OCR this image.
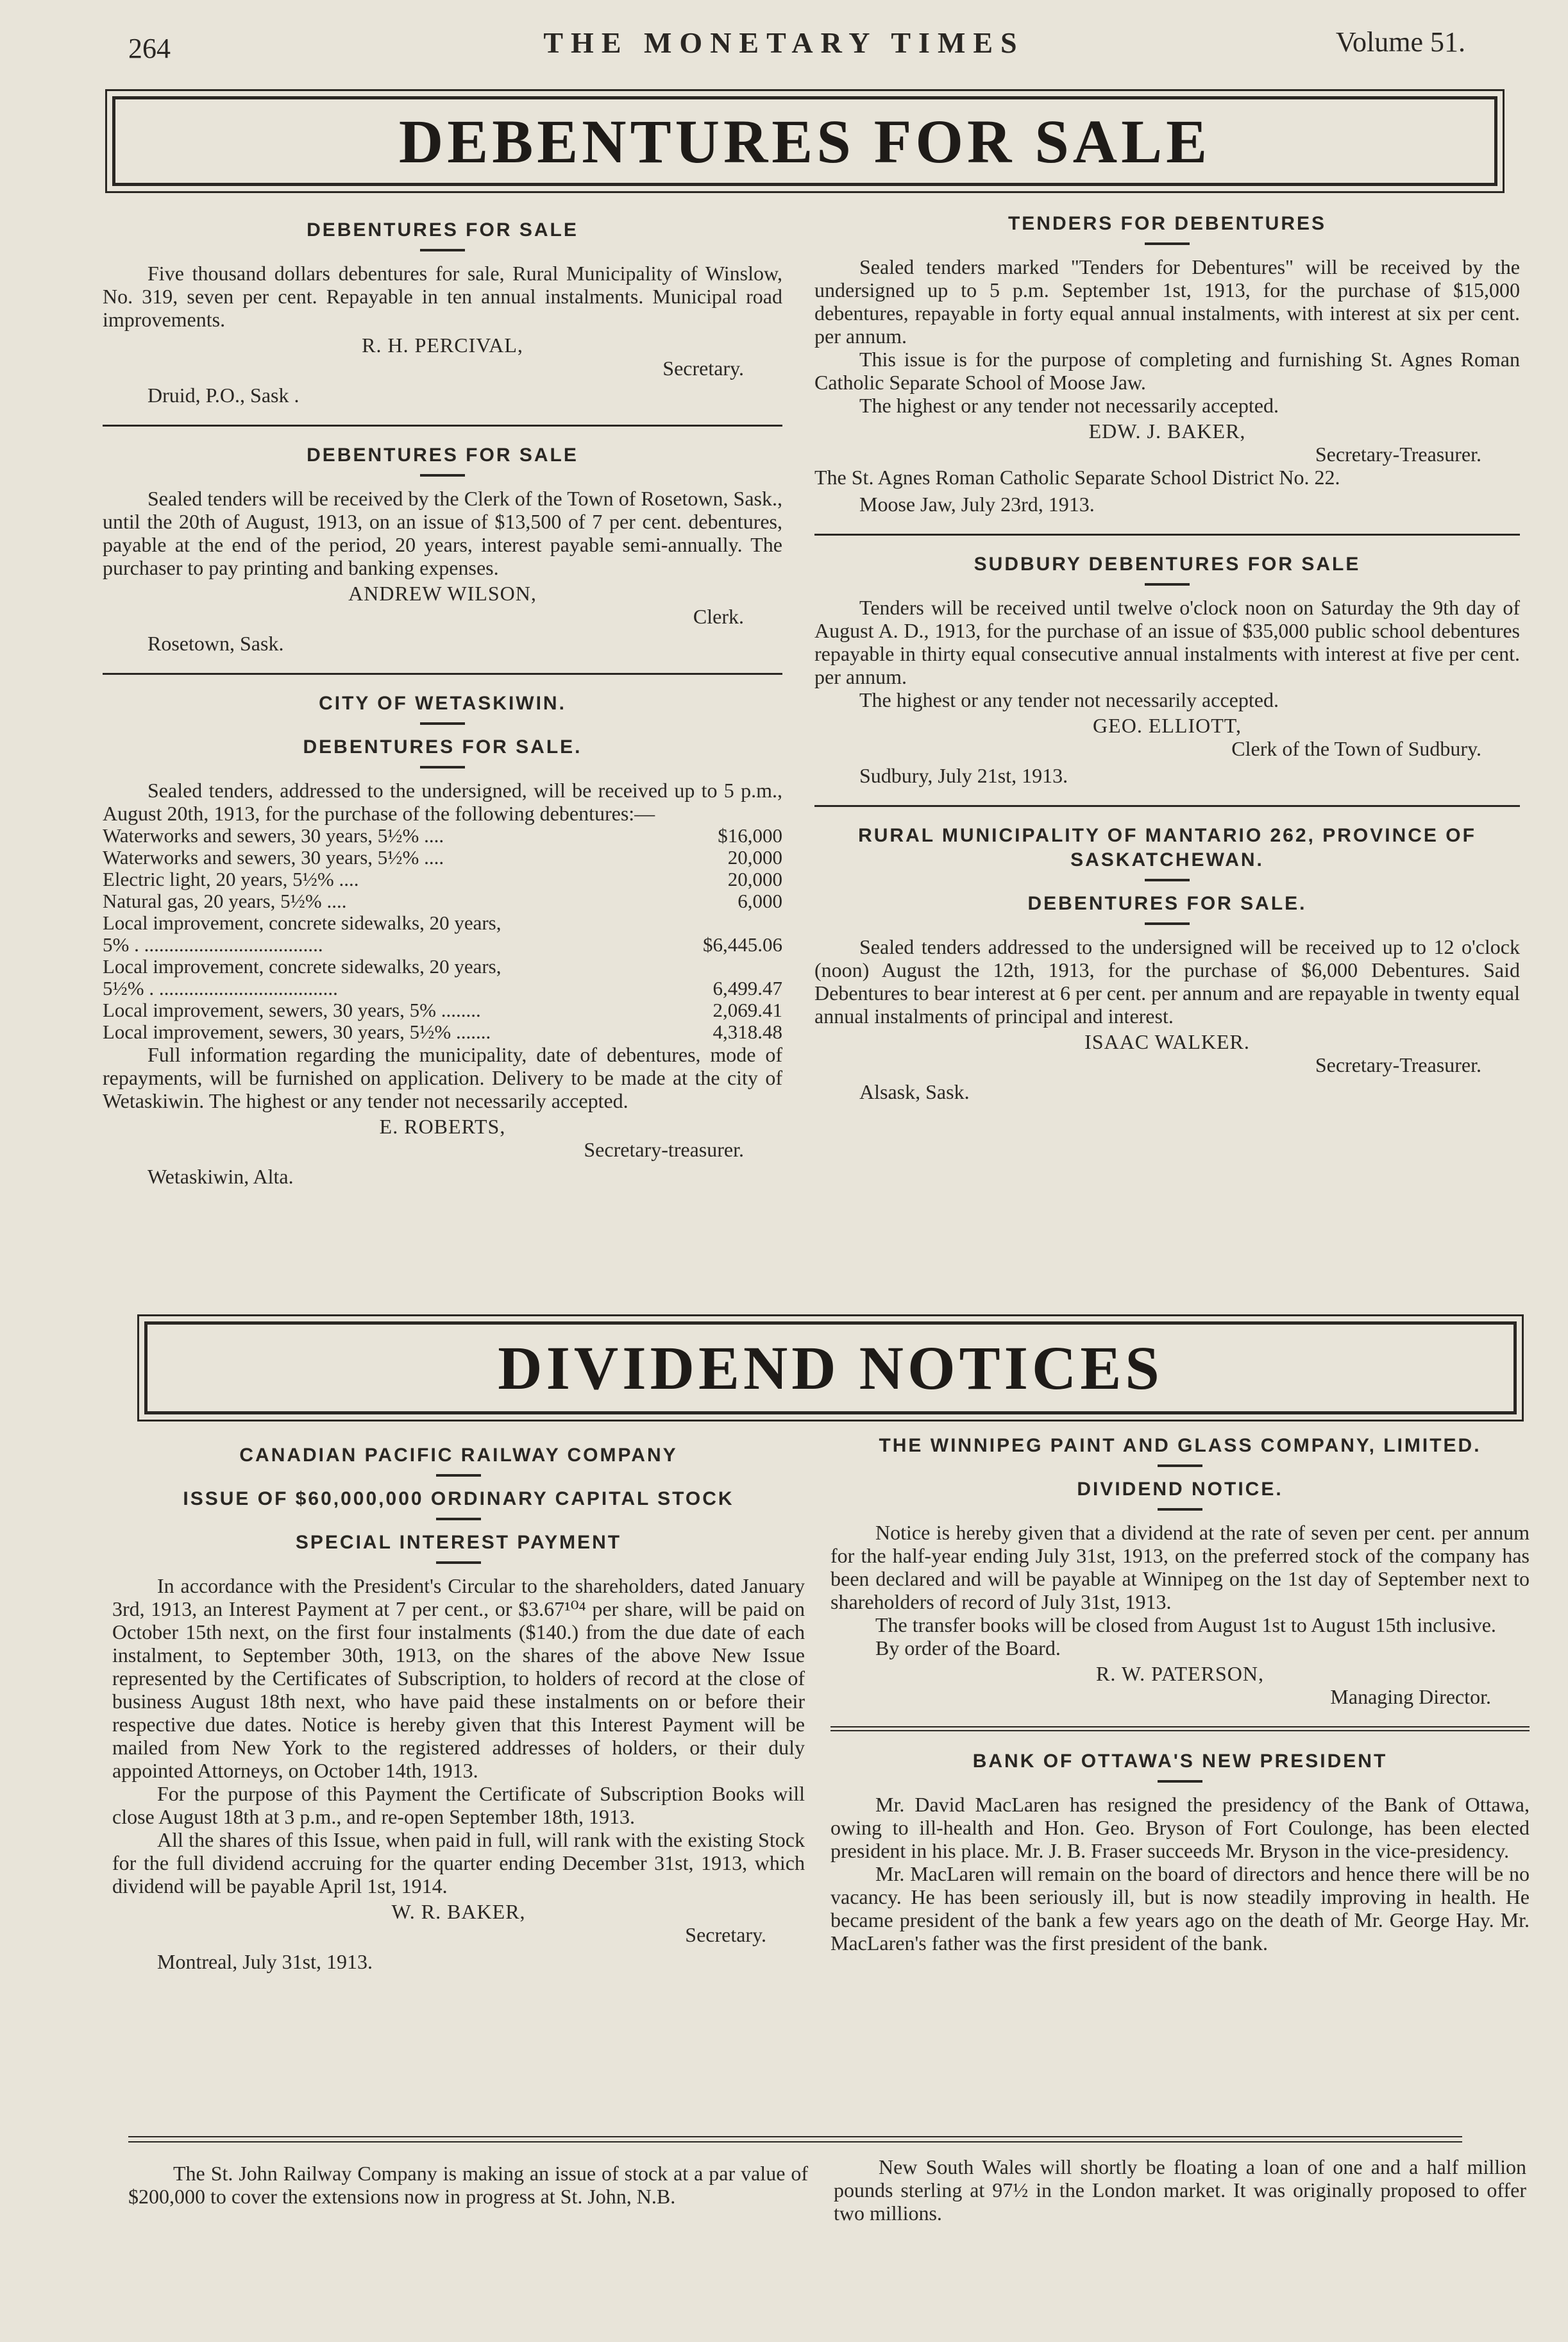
264	THE MONETARY TIMES	Volume 51.
DEBENTURES FOR SALE
DEBENTURES FOR SALE

Five thousand dollars debentures for sale, Rural Municipality of Winslow, No. 319, seven per cent. Repayable in ten annual instalments. Municipal road improvements.

R. H. PERCIVAL,
Secretary.
Druid, P.O., Sask .
DEBENTURES FOR SALE

Sealed tenders will be received by the Clerk of the Town of Rosetown, Sask., until the 20th of August, 1913, on an issue of $13,500 of 7 per cent. debentures, payable at the end of the period, 20 years, interest payable semi-annually. The purchaser to pay printing and banking expenses.

ANDREW WILSON,
Clerk.
Rosetown, Sask.
CITY OF WETASKIWIN.
DEBENTURES FOR SALE.

Sealed tenders, addressed to the undersigned, will be received up to 5 p.m., August 20th, 1913, for the purchase of the following debentures:—

Waterworks and sewers, 30 years, 5½% ....	$16,000
Waterworks and sewers, 30 years, 5½% ....	20,000
Electric light, 20 years, 5½% ....	20,000
Natural gas, 20 years, 5½% ....	6,000
Local improvement, concrete sidewalks, 20 years,	
5% . ....................................	$6,445.06
Local improvement, concrete sidewalks, 20 years,	
5½% . ....................................	6,499.47
Local improvement, sewers, 30 years, 5% ........	2,069.41
Local improvement, sewers, 30 years, 5½% .......	4,318.48

Full information regarding the municipality, date of debentures, mode of repayments, will be furnished on application. Delivery to be made at the city of Wetaskiwin. The highest or any tender not necessarily accepted.

E. ROBERTS,
Secretary-treasurer.
Wetaskiwin, Alta.
TENDERS FOR DEBENTURES

Sealed tenders marked "Tenders for Debentures" will be received by the undersigned up to 5 p.m. September 1st, 1913, for the purchase of $15,000 debentures, repayable in forty equal annual instalments, with interest at six per cent. per annum.

This issue is for the purpose of completing and furnishing St. Agnes Roman Catholic Separate School of Moose Jaw.

The highest or any tender not necessarily accepted.

EDW. J. BAKER,
Secretary-Treasurer.

The St. Agnes Roman Catholic Separate School District No. 22.

Moose Jaw, July 23rd, 1913.
SUDBURY DEBENTURES FOR SALE

Tenders will be received until twelve o'clock noon on Saturday the 9th day of August A. D., 1913, for the purchase of an issue of $35,000 public school debentures repayable in thirty equal consecutive annual instalments with interest at five per cent. per annum.

The highest or any tender not necessarily accepted.

GEO. ELLIOTT,
Clerk of the Town of Sudbury.
Sudbury, July 21st, 1913.
RURAL MUNICIPALITY OF MANTARIO 262, PROVINCE OF SASKATCHEWAN.
DEBENTURES FOR SALE.

Sealed tenders addressed to the undersigned will be received up to 12 o'clock (noon) August the 12th, 1913, for the purchase of $6,000 Debentures. Said Debentures to bear interest at 6 per cent. per annum and are repayable in twenty equal annual instalments of principal and interest.

ISAAC WALKER.
Secretary-Treasurer.
Alsask, Sask.
DIVIDEND NOTICES
CANADIAN PACIFIC RAILWAY COMPANY
ISSUE OF $60,000,000 ORDINARY CAPITAL STOCK
SPECIAL INTEREST PAYMENT

In accordance with the President's Circular to the shareholders, dated January 3rd, 1913, an Interest Payment at 7 per cent., or $3.67¹⁰⁴ per share, will be paid on October 15th next, on the first four instalments ($140.) from the due date of each instalment, to September 30th, 1913, on the shares of the above New Issue represented by the Certificates of Subscription, to holders of record at the close of business August 18th next, who have paid these instalments on or before their respective due dates. Notice is hereby given that this Interest Payment will be mailed from New York to the registered addresses of holders, or their duly appointed Attorneys, on October 14th, 1913.

For the purpose of this Payment the Certificate of Subscription Books will close August 18th at 3 p.m., and re-open September 18th, 1913.

All the shares of this Issue, when paid in full, will rank with the existing Stock for the full dividend accruing for the quarter ending December 31st, 1913, which dividend will be payable April 1st, 1914.

W. R. BAKER,
Secretary.
Montreal, July 31st, 1913.
THE WINNIPEG PAINT AND GLASS COMPANY, LIMITED.
DIVIDEND NOTICE.

Notice is hereby given that a dividend at the rate of seven per cent. per annum for the half-year ending July 31st, 1913, on the preferred stock of the company has been declared and will be payable at Winnipeg on the 1st day of September next to shareholders of record of July 31st, 1913.

The transfer books will be closed from August 1st to August 15th inclusive.

By order of the Board.

R. W. PATERSON,
Managing Director.
BANK OF OTTAWA'S NEW PRESIDENT

Mr. David MacLaren has resigned the presidency of the Bank of Ottawa, owing to ill-health and Hon. Geo. Bryson of Fort Coulonge, has been elected president in his place. Mr. J. B. Fraser succeeds Mr. Bryson in the vice-presidency.

Mr. MacLaren will remain on the board of directors and hence there will be no vacancy. He has been seriously ill, but is now steadily improving in health. He became president of the bank a few years ago on the death of Mr. George Hay. Mr. MacLaren's father was the first president of the bank.

The St. John Railway Company is making an issue of stock at a par value of $200,000 to cover the extensions now in progress at St. John, N.B.

New South Wales will shortly be floating a loan of one and a half million pounds sterling at 97½ in the London market. It was originally proposed to offer two millions.
